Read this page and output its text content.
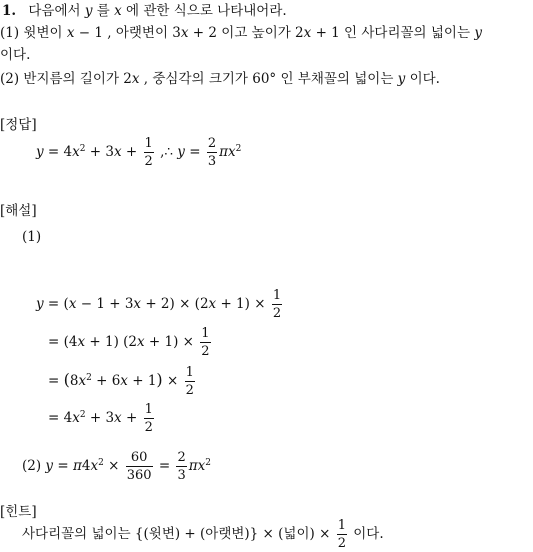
1. 다음에서 y 를 x 에 관한 식으로 나타내어라.
(1) 윗변이 x − 1 , 아랫변이 3x + 2 이고 높이가 2x + 1 인 사다리꼴의 넓이는 y
이다.
(2) 반지름의 길이가 2x , 중심각의 크기가 60° 인 부채꼴의 넓이는 y 이다.
[정답]
$y = 4x^2 + 3x + \frac{1}{2}$ ,∴ $y = \frac{2}{3} \pi x^2$
[해설]
(1)
$y = (x - 1 + 3x + 2) \times (2x + 1) \times \frac{1}{2}$
= (4x + 1) $(2x + 1) \times \frac{1}{2}$
= $(8x^2 + 6x + 1) \times \frac{1}{2}$
= $4x^2 + 3x + \frac{1}{2}$
(2) $y = \pi 4x^2 \times \frac{60}{360} = \frac{2}{3} \pi x^2$
[힌트]
사다리꼴의 넓이는 {(윗변) + (아랫변)} × (넓이) × $\frac{1}{2}$ 이다.
